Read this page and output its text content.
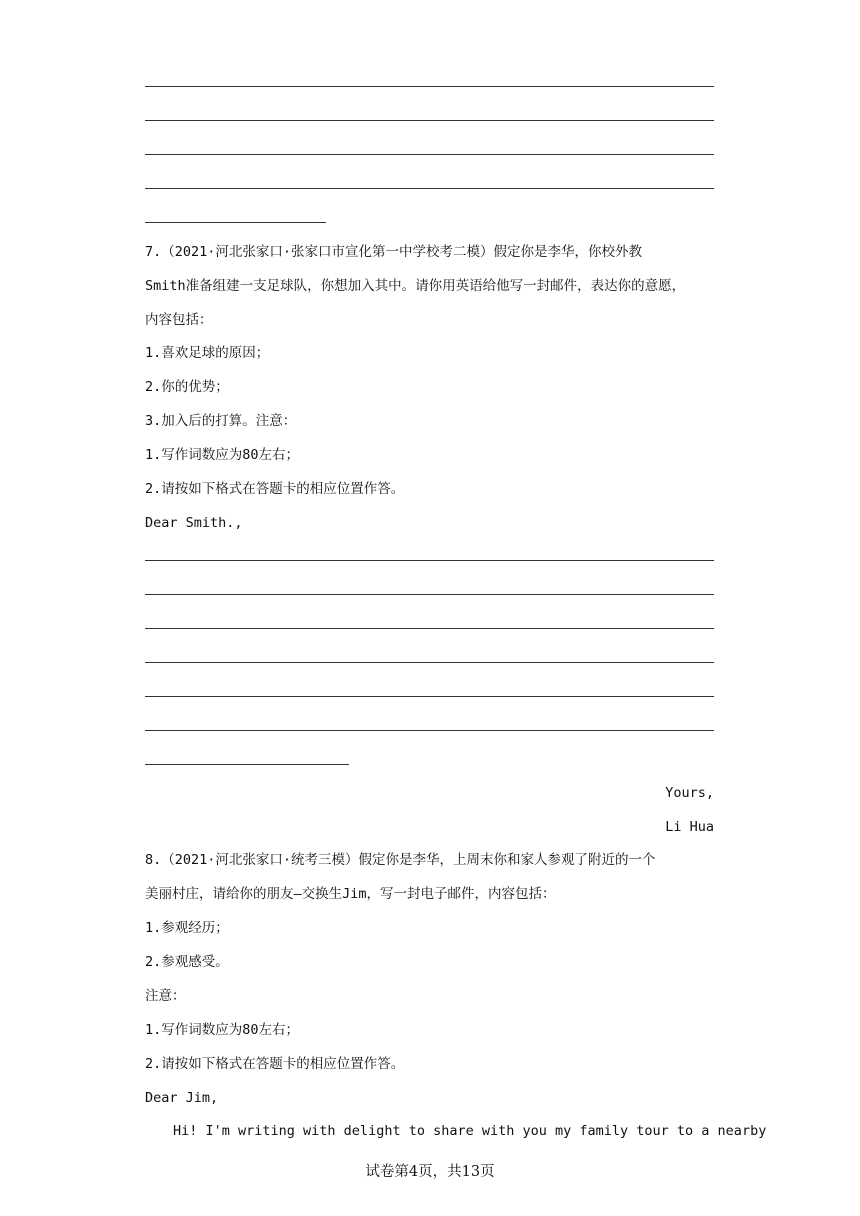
7.（2021·河北张家口·张家口市宣化第一中学校考二模）假定你是李华，你校外教
Smith准备组建一支足球队，你想加入其中。请你用英语给他写一封邮件，表达你的意愿，
内容包括：
1.喜欢足球的原因；
2.你的优势；
3.加入后的打算。注意：
1.写作词数应为80左右；
2.请按如下格式在答题卡的相应位置作答。
Dear Smith.,
Yours,
Li Hua
8.（2021·河北张家口·统考三模）假定你是李华，上周末你和家人参观了附近的一个
美丽村庄，请给你的朋友—交换生Jim，写一封电子邮件，内容包括：
1.参观经历；
2.参观感受。
注意：
1.写作词数应为80左右；
2.请按如下格式在答题卡的相应位置作答。
Dear Jim,
Hi! I'm writing with delight to share with you my family tour to a nearby
试卷第4页，共13页
